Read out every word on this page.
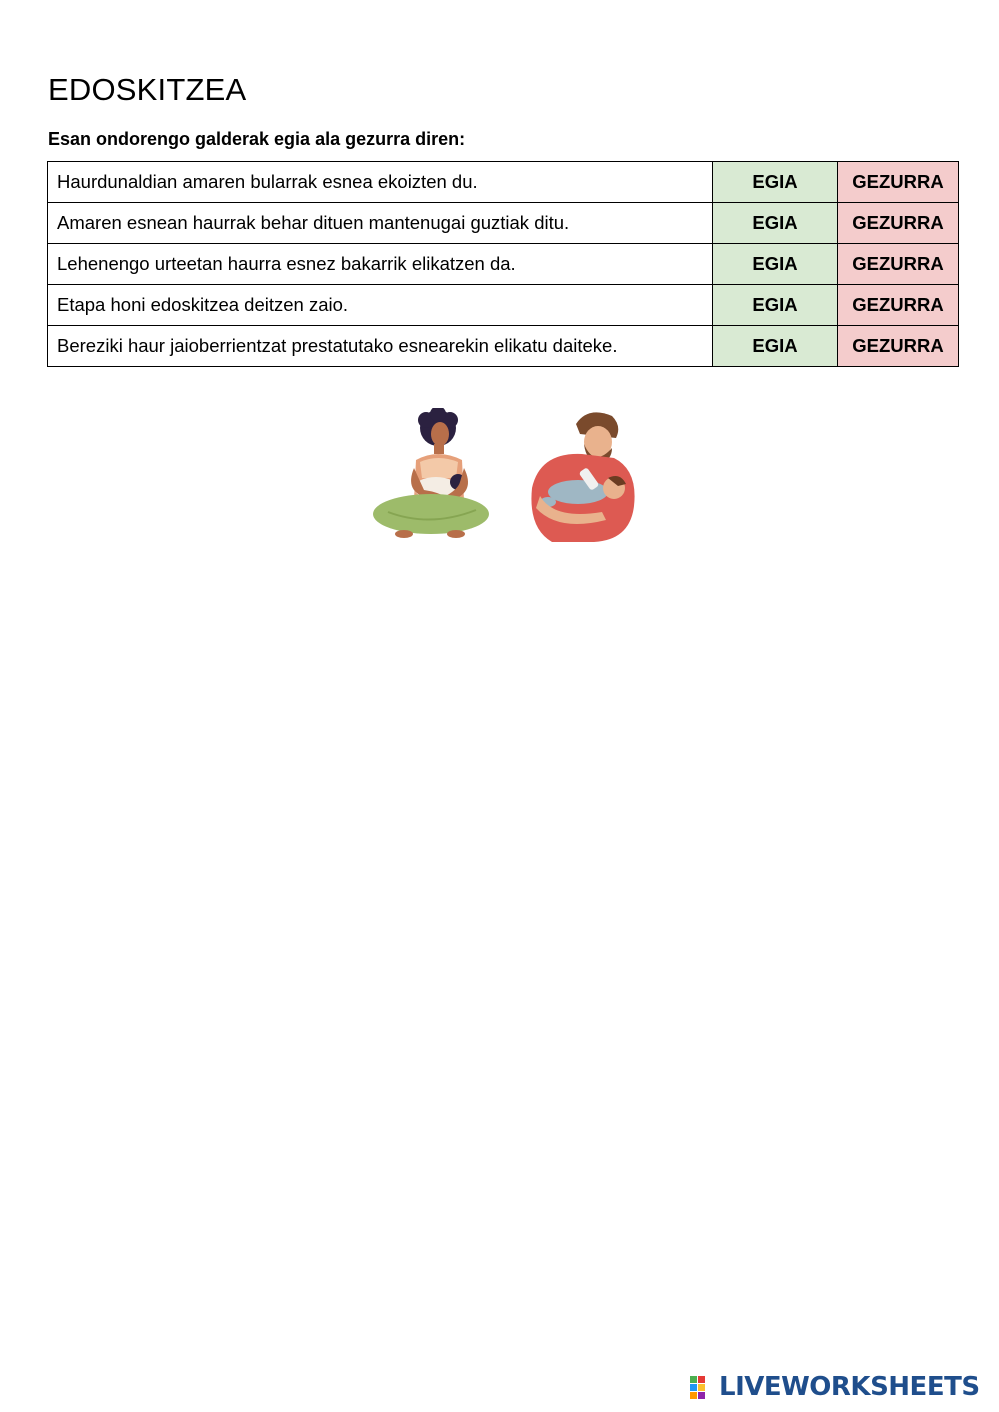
EDOSKITZEA
Esan ondorengo galderak egia ala gezurra diren:
Haurdunaldian amaren bularrak esnea ekoizten du.	EGIA	GEZURRA
Amaren esnean haurrak behar dituen mantenugai guztiak ditu.	EGIA	GEZURRA
Lehenengo urteetan haurra esnez bakarrik elikatzen da.	EGIA	GEZURRA
Etapa honi edoskitzea deitzen zaio.	EGIA	GEZURRA
Bereziki haur jaioberrientzat prestatutako esnearekin elikatu daiteke.	EGIA	GEZURRA
LIVEWORKSHEETS
